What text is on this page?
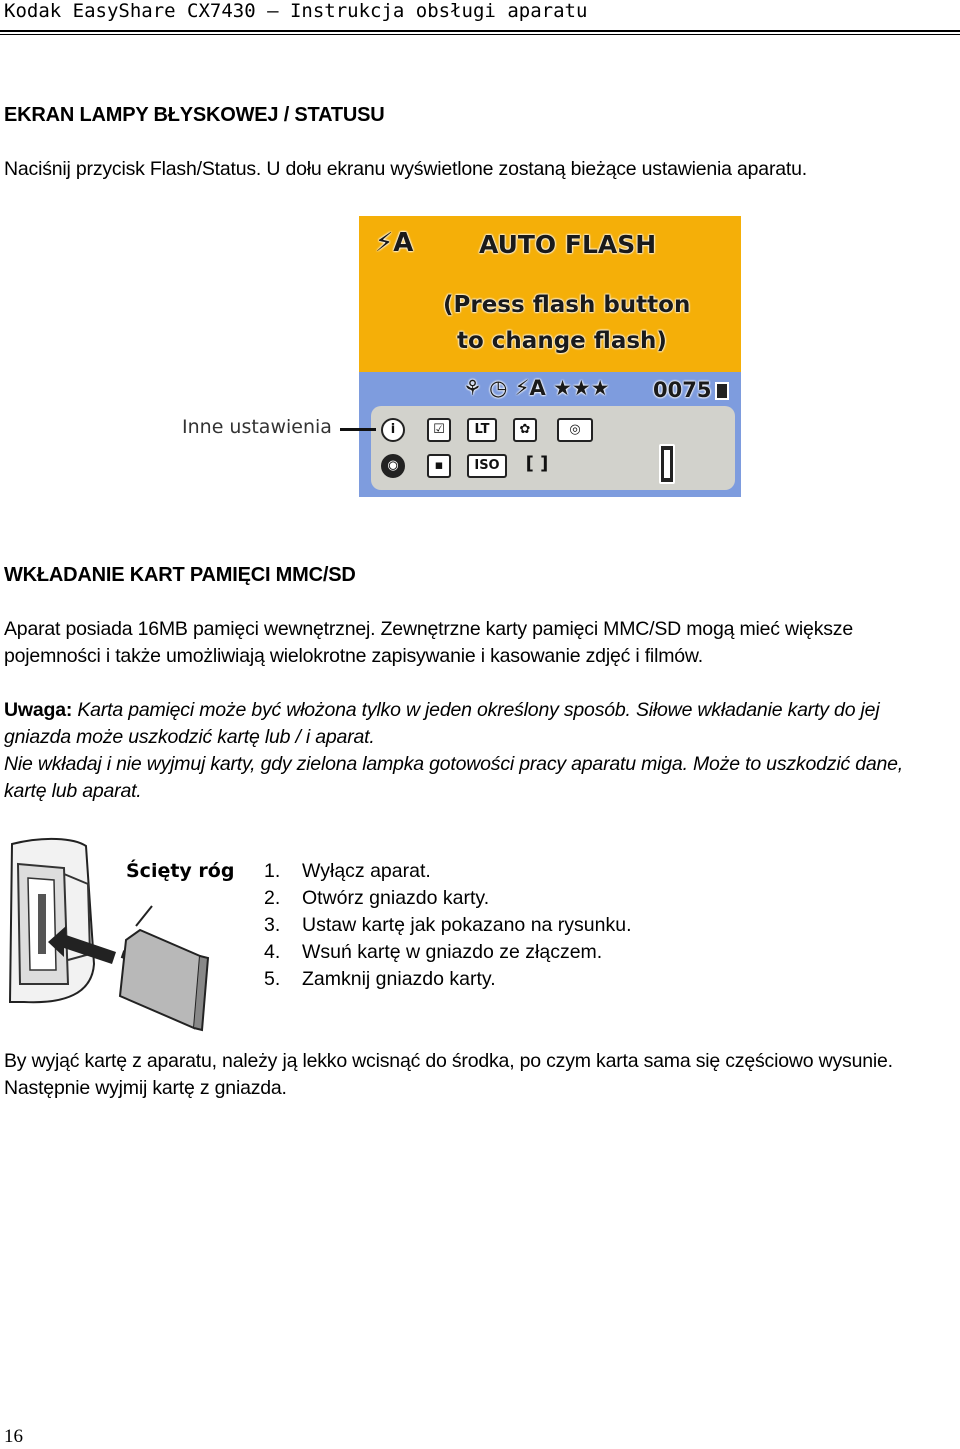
Kodak EasyShare CX7430 – Instrukcja obsługi aparatu
EKRAN LAMPY BŁYSKOWEJ / STATUSU
Naciśnij przycisk Flash/Status. U dołu ekranu wyświetlone zostaną bieżące ustawienia aparatu.
⚡A	AUTO FLASH
(Press flash button
to change flash)
⚘ ◷ ⚡A ★★★ 0075
i	☑	LT	✿	◎
◉	▪	ISO	[ ]
Inne ustawienia
WKŁADANIE KART PAMIĘCI MMC/SD
Aparat posiada 16MB pamięci wewnętrznej. Zewnętrzne karty pamięci MMC/SD mogą mieć większe
pojemności i także umożliwiają wielokrotne zapisywanie i kasowanie zdjęć i filmów.
Uwaga: Karta pamięci może być włożona tylko w jeden określony sposób. Siłowe wkładanie karty do jej
gniazda może uszkodzić kartę lub / i aparat.
Nie wkładaj i nie wyjmuj karty, gdy zielona lampka gotowości pracy aparatu miga. Może to uszkodzić dane,
kartę lub aparat.
Ścięty róg 1.	Wyłącz aparat.
2.	Otwórz gniazdo karty.
3.	Ustaw kartę jak pokazano na rysunku.
4.	Wsuń kartę w gniazdo ze złączem.
5.	Zamknij gniazdo karty.
By wyjąć kartę z aparatu, należy ją lekko wcisnąć do środka, po czym karta sama się częściowo wysunie.
Następnie wyjmij kartę z gniazda.
16
